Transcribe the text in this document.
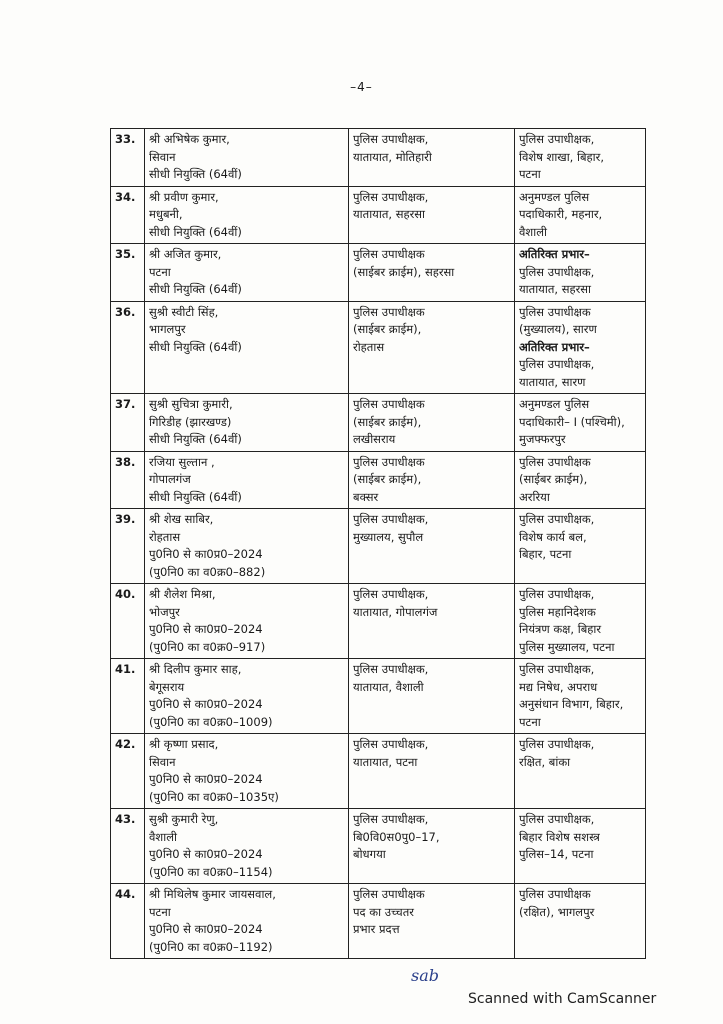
–4–
33.	श्री अभिषेक कुमार,
सिवान
सीधी नियुक्ति (64वीं)	पुलिस उपाधीक्षक,
यातायात, मोतिहारी	पुलिस उपाधीक्षक,
विशेष शाखा, बिहार,
पटना

34.	श्री प्रवीण कुमार,
मधुबनी,
सीधी नियुक्ति (64वीं)	पुलिस उपाधीक्षक,
यातायात, सहरसा	अनुमण्डल पुलिस
पदाधिकारी, महनार,
वैशाली

35.	श्री अजित कुमार,
पटना
सीधी नियुक्ति (64वीं)	पुलिस उपाधीक्षक
(साईबर क्राईम), सहरसा	अतिरिक्त प्रभार–
पुलिस उपाधीक्षक,
यातायात, सहरसा

36.	सुश्री स्वीटी सिंह,
भागलपुर
सीधी नियुक्ति (64वीं)	पुलिस उपाधीक्षक
(साईबर क्राईम),
रोहतास	पुलिस उपाधीक्षक
(मुख्यालय), सारण
अतिरिक्त प्रभार–
पुलिस उपाधीक्षक,
यातायात, सारण

37.	सुश्री सुचित्रा कुमारी,
गिरिडीह (झारखण्ड)
सीधी नियुक्ति (64वीं)	पुलिस उपाधीक्षक
(साईबर क्राईम),
लखीसराय	अनुमण्डल पुलिस
पदाधिकारी– I (पश्चिमी),
मुजफ्फरपुर

38.	रजिया सुल्तान ,
गोपालगंज
सीधी नियुक्ति (64वीं)	पुलिस उपाधीक्षक
(साईबर क्राईम),
बक्सर	पुलिस उपाधीक्षक
(साईबर क्राईम),
अररिया

39.	श्री शेख साबिर,
रोहतास
पु0नि0 से का0प्र0–2024
(पु0नि0 का व0क्र0–882)	पुलिस उपाधीक्षक,
मुख्यालय, सुपौल	पुलिस उपाधीक्षक,
विशेष कार्य बल,
बिहार, पटना

40.	श्री शैलेश मिश्रा,
भोजपुर
पु0नि0 से का0प्र0–2024
(पु0नि0 का व0क्र0–917)	पुलिस उपाधीक्षक,
यातायात, गोपालगंज	पुलिस उपाधीक्षक,
पुलिस महानिदेशक
नियंत्रण कक्ष, बिहार
पुलिस मुख्यालय, पटना

41.	श्री दिलीप कुमार साह,
बेगूसराय
पु0नि0 से का0प्र0–2024
(पु0नि0 का व0क्र0–1009)	पुलिस उपाधीक्षक,
यातायात, वैशाली	पुलिस उपाधीक्षक,
मद्य निषेध, अपराध
अनुसंधान विभाग, बिहार,
पटना

42.	श्री कृष्णा प्रसाद,
सिवान
पु0नि0 से का0प्र0–2024
(पु0नि0 का व0क्र0–1035ए)	पुलिस उपाधीक्षक,
यातायात, पटना	पुलिस उपाधीक्षक,
रक्षित, बांका

43.	सुश्री कुमारी रेणु,
वैशाली
पु0नि0 से का0प्र0–2024
(पु0नि0 का व0क्र0–1154)	पुलिस उपाधीक्षक,
बि0वि0स0पु0–17,
बोधगया	पुलिस उपाधीक्षक,
बिहार विशेष सशस्त्र
पुलिस–14, पटना

44.	श्री मिथिलेष कुमार जायसवाल,
पटना
पु0नि0 से का0प्र0–2024
(पु0नि0 का व0क्र0–1192)	पुलिस उपाधीक्षक
पद का उच्चतर
प्रभार प्रदत्त	पुलिस उपाधीक्षक
(रक्षित), भागलपुर
sab
Scanned with CamScanner
